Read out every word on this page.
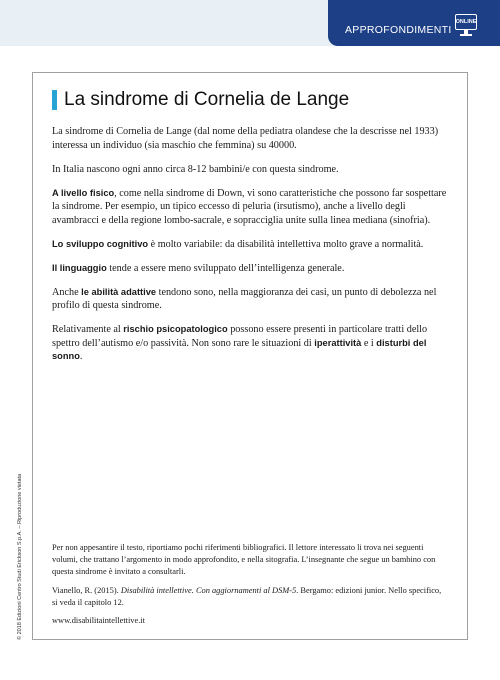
APPROFONDIMENTI
ONLINE
La sindrome di Cornelia de Lange

La sindrome di Cornelia de Lange (dal nome della pediatra olandese che la descrisse nel 1933) interessa un individuo (sia maschio che femmina) su 40000.

In Italia nascono ogni anno circa 8-12 bambini/e con questa sindrome.

A livello fisico, come nella sindrome di Down, vi sono caratteristiche che possono far sospettare la sindrome. Per esempio, un tipico eccesso di peluria (irsutismo), anche a livello degli avambracci e della regione lombo-sacrale, e sopracciglia unite sulla linea mediana (sinofria).

Lo sviluppo cognitivo è molto variabile: da disabilità intellettiva molto grave a normalità.

Il linguaggio tende a essere meno sviluppato dell’intelligenza generale.

Anche le abilità adattive tendono sono, nella maggioranza dei casi, un punto di debolezza nel profilo di questa sindrome.

Relativamente al rischio psicopatologico possono essere presenti in particolare tratti dello spettro dell’autismo e/o passività. Non sono rare le situazioni di iperattività e i disturbi del sonno.

Per non appesantire il testo, riportiamo pochi riferimenti bibliografici. Il lettore interessato li trova nei seguenti volumi, che trattano l’argomento in modo approfondito, e nella sitografia. L’insegnante che segue un bambino con questa sindrome è invitato a consultarli.

Vianello, R. (2015). Disabilità intellettive. Con aggiornamenti al DSM-5. Bergamo: edizioni junior. Nello specifico, si veda il capitolo 12.

www.disabilitaintellettive.it

© 2018 Edizioni Centro Studi Erickson S.p.A. – Riproduzione vietata
